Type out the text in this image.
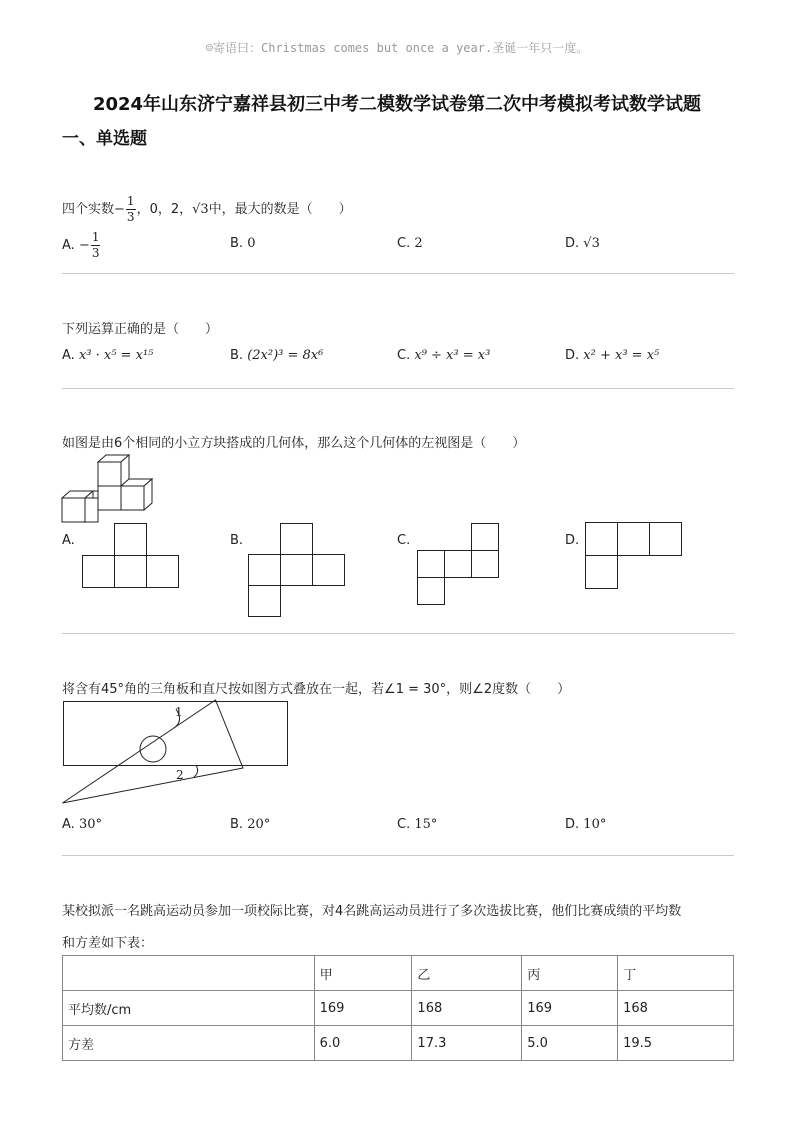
☺寄语曰：Christmas comes but once a year.圣诞一年只一度。
2024年山东济宁嘉祥县初三中考二模数学试卷第二次中考模拟考试数学试题
一、单选题
四个实数− $\frac{1}{3}$ ，0，2，√3中，最大的数是（　　）
A. − $\frac{1}{3}$	B. 0	C. 2	D. √3
下列运算正确的是（　　）
A. x³ · x⁵ = x¹⁵	B. (2x²)³ = 8x⁶	C. x⁹ ÷ x³ = x³	D. x² + x³ = x⁵
如图是由6个相同的小立方块搭成的几何体，那么这个几何体的左视图是（　　）
A.	B.	C.	D.
将含有45°角的三角板和直尺按如图方式叠放在一起，若∠1 = 30°，则∠2度数（　　）
1
2
A. 30°	B. 20°	C. 15°	D. 10°
某校拟派一名跳高运动员参加一项校际比赛，对4名跳高运动员进行了多次选拔比赛，他们比赛成绩的平均数
和方差如下表：
	甲	乙	丙	丁
平均数/cm	169	168	169	168
方差	6.0	17.3	5.0	19.5
